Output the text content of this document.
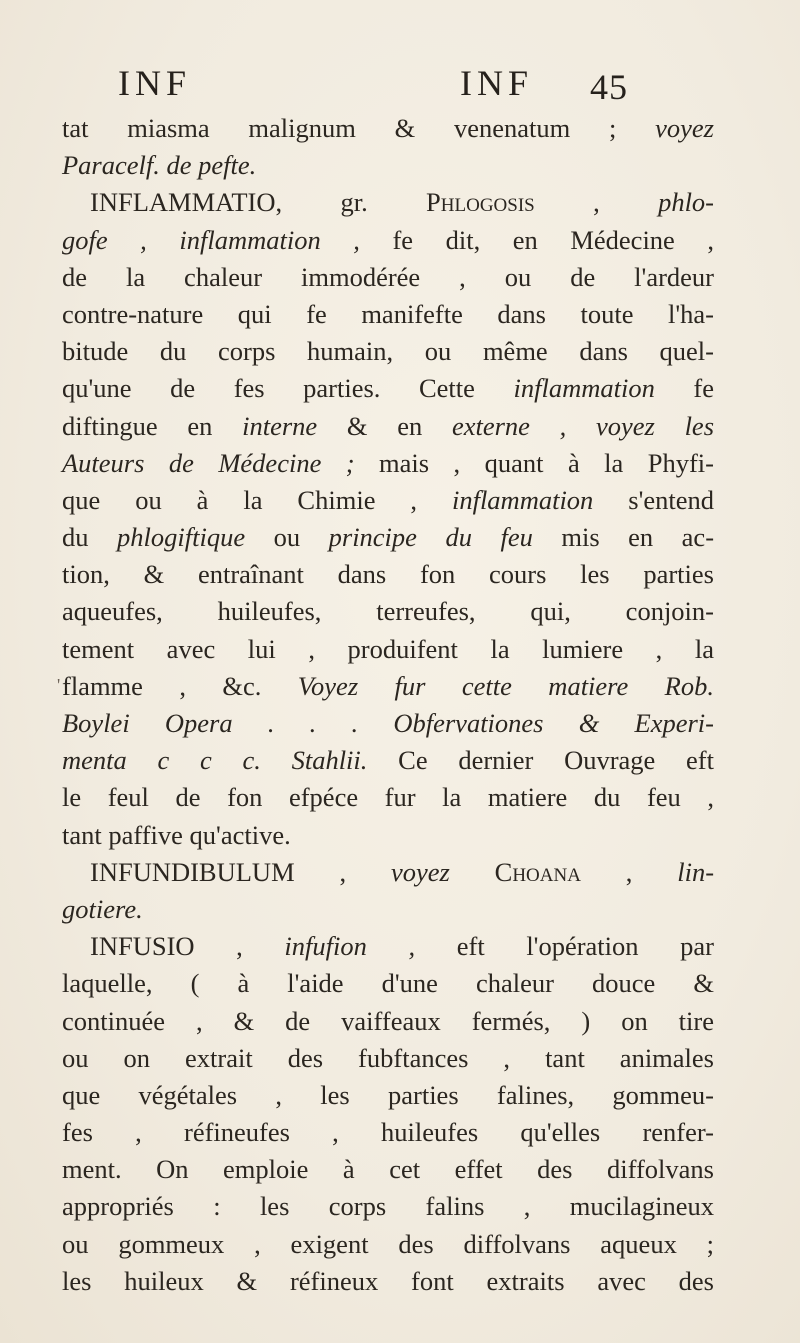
INF	INF 45
'
tat miasma malignum & venenatum ; voyez
Paracelf. de pefte.
INFLAMMATIO, gr. Phlogosis , phlo-
gofe , inflammation , fe dit, en Médecine ,
de la chaleur immodérée , ou de l'ardeur
contre-nature qui fe manifefte dans toute l'ha-
bitude du corps humain, ou même dans quel-
qu'une de fes parties. Cette inflammation fe
diftingue en interne & en externe , voyez les
Auteurs de Médecine ; mais , quant à la Phyfi-
que ou à la Chimie , inflammation s'entend
du phlogiftique ou principe du feu mis en ac-
tion, & entraînant dans fon cours les parties
aqueufes, huileufes, terreufes, qui, conjoin-
tement avec lui , produifent la lumiere , la
flamme , &c. Voyez fur cette matiere Rob.
Boylei Opera . . . Obfervationes & Experi-
menta c c c. Stahlii. Ce dernier Ouvrage eft
le feul de fon efpéce fur la matiere du feu ,
tant paffive qu'active.
INFUNDIBULUM , voyez Choana , lin-
gotiere.
INFUSIO , infufion , eft l'opération par
laquelle, ( à l'aide d'une chaleur douce &
continuée , & de vaiffeaux fermés, ) on tire
ou on extrait des fubftances , tant animales
que végétales , les parties falines, gommeu-
fes , réfineufes , huileufes qu'elles renfer-
ment. On emploie à cet effet des diffolvans
appropriés : les corps falins , mucilagineux
ou gommeux , exigent des diffolvans aqueux ;
les huileux & réfineux font extraits avec des
